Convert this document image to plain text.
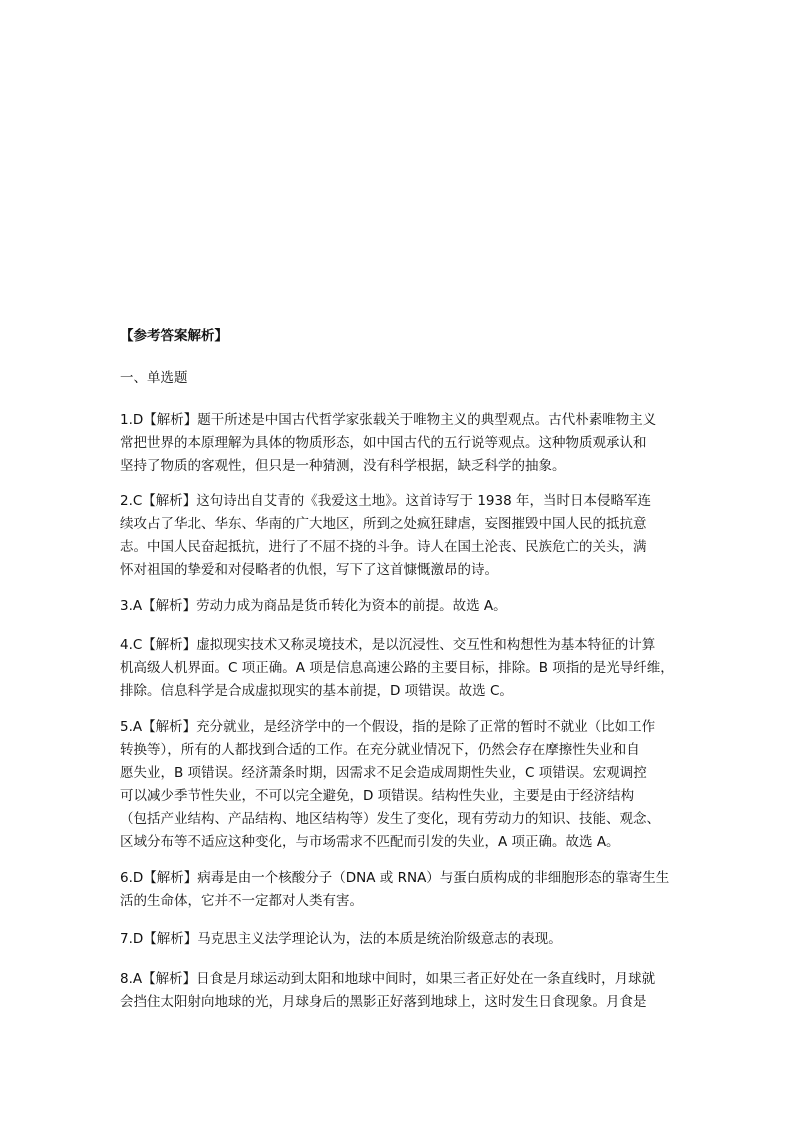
【参考答案解析】
一、单选题
1.D【解析】题干所述是中国古代哲学家张载关于唯物主义的典型观点。古代朴素唯物主义
常把世界的本原理解为具体的物质形态，如中国古代的五行说等观点。这种物质观承认和
坚持了物质的客观性，但只是一种猜测，没有科学根据，缺乏科学的抽象。
2.C【解析】这句诗出自艾青的《我爱这土地》。这首诗写于 1938 年，当时日本侵略军连
续攻占了华北、华东、华南的广大地区，所到之处疯狂肆虐，妄图摧毁中国人民的抵抗意
志。中国人民奋起抵抗，进行了不屈不挠的斗争。诗人在国土沦丧、民族危亡的关头，满
怀对祖国的挚爱和对侵略者的仇恨，写下了这首慷慨激昂的诗。
3.A【解析】劳动力成为商品是货币转化为资本的前提。故选 A。
4.C【解析】虚拟现实技术又称灵境技术，是以沉浸性、交互性和构想性为基本特征的计算
机高级人机界面。C 项正确。A 项是信息高速公路的主要目标，排除。B 项指的是光导纤维，
排除。信息科学是合成虚拟现实的基本前提，D 项错误。故选 C。
5.A【解析】充分就业，是经济学中的一个假设，指的是除了正常的暂时不就业（比如工作
转换等），所有的人都找到合适的工作。在充分就业情况下，仍然会存在摩擦性失业和自
愿失业，B 项错误。经济萧条时期，因需求不足会造成周期性失业，C 项错误。宏观调控
可以减少季节性失业，不可以完全避免，D 项错误。结构性失业，主要是由于经济结构
（包括产业结构、产品结构、地区结构等）发生了变化，现有劳动力的知识、技能、观念、
区域分布等不适应这种变化，与市场需求不匹配而引发的失业，A 项正确。故选 A。
6.D【解析】病毒是由一个核酸分子（DNA 或 RNA）与蛋白质构成的非细胞形态的靠寄生生
活的生命体，它并不一定都对人类有害。
7.D【解析】马克思主义法学理论认为，法的本质是统治阶级意志的表现。
8.A【解析】日食是月球运动到太阳和地球中间时，如果三者正好处在一条直线时，月球就
会挡住太阳射向地球的光，月球身后的黑影正好落到地球上，这时发生日食现象。月食是
